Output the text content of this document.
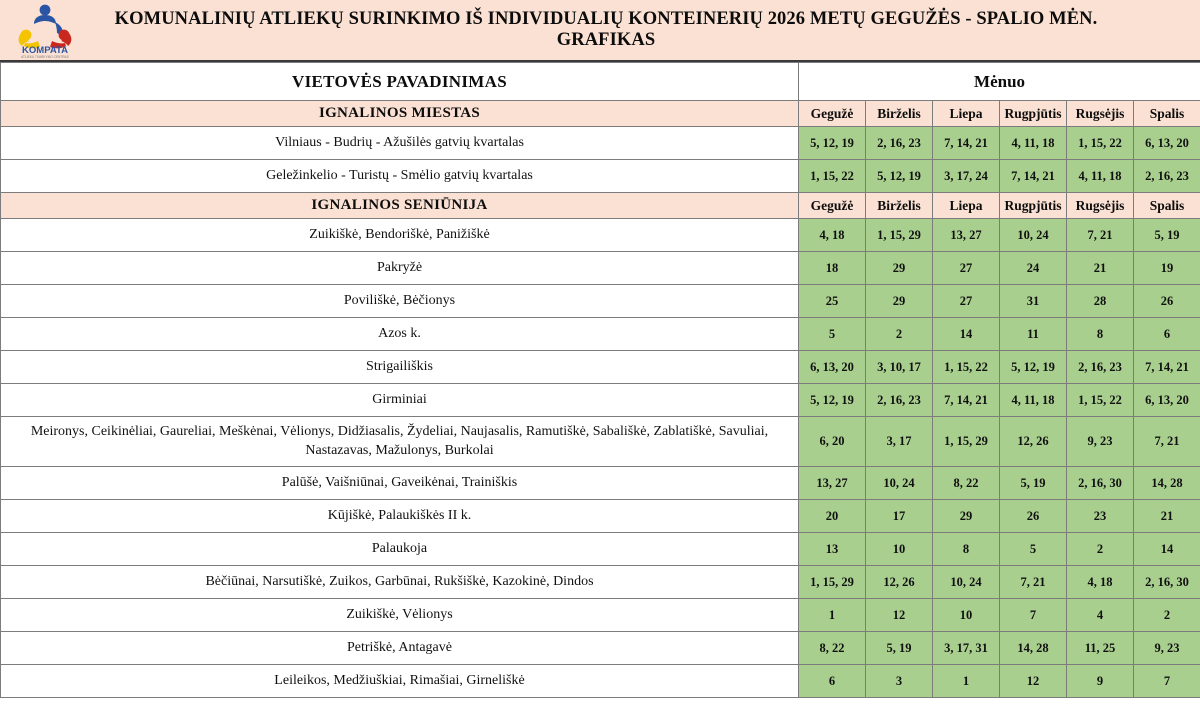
KOMPATA
ATLIEKŲ TVARKYMO CENTRAS
KOMUNALINIŲ ATLIEKŲ SURINKIMO IŠ INDIVIDUALIŲ KONTEINERIŲ 2026 METŲ GEGUŽĖS - SPALIO MĖN. GRAFIKAS
VIETOVĖS PAVADINIMAS	Mėnuo					
IGNALINOS MIESTAS	Gegužė	Birželis	Liepa	Rugpjūtis	Rugsėjis	Spalis
Vilniaus - Budrių - Ažušilės gatvių kvartalas	5, 12, 19	2, 16, 23	7, 14, 21	4, 11, 18	1, 15, 22	6, 13, 20
Geležinkelio - Turistų - Smėlio gatvių kvartalas	1, 15, 22	5, 12, 19	3, 17, 24	7, 14, 21	4, 11, 18	2, 16, 23
IGNALINOS SENIŪNIJA	Gegužė	Birželis	Liepa	Rugpjūtis	Rugsėjis	Spalis
Zuikiškė, Bendoriškė, Panižiškė	4, 18	1, 15, 29	13, 27	10, 24	7, 21	5, 19
Pakryžė	18	29	27	24	21	19
Poviliškė, Bėčionys	25	29	27	31	28	26
Azos k.	5	2	14	11	8	6
Strigailiškis	6, 13, 20	3, 10, 17	1, 15, 22	5, 12, 19	2, 16, 23	7, 14, 21
Girminiai	5, 12, 19	2, 16, 23	7, 14, 21	4, 11, 18	1, 15, 22	6, 13, 20
Meironys, Ceikinėliai, Gaureliai, Meškėnai, Vėlionys, Didžiasalis, Žydeliai, Naujasalis, Ramutiškė, Sabališkė, Zablatiškė, Savuliai, Nastazavas, Mažulonys, Burkolai	6, 20	3, 17	1, 15, 29	12, 26	9, 23	7, 21
Palūšė, Vaišniūnai, Gaveikėnai, Trainiškis	13, 27	10, 24	8, 22	5, 19	2, 16, 30	14, 28
Kūjiškė, Palaukiškės II k.	20	17	29	26	23	21
Palaukoja	13	10	8	5	2	14
Bėčiūnai, Narsutiškė, Zuikos, Garbūnai, Rukšiškė, Kazokinė, Dindos	1, 15, 29	12, 26	10, 24	7, 21	4, 18	2, 16, 30
Zuikiškė, Vėlionys	1	12	10	7	4	2
Petriškė, Antagavė	8, 22	5, 19	3, 17, 31	14, 28	11, 25	9, 23
Leileikos, Medžiuškiai, Rimašiai, Girneliškė	6	3	1	12	9	7
